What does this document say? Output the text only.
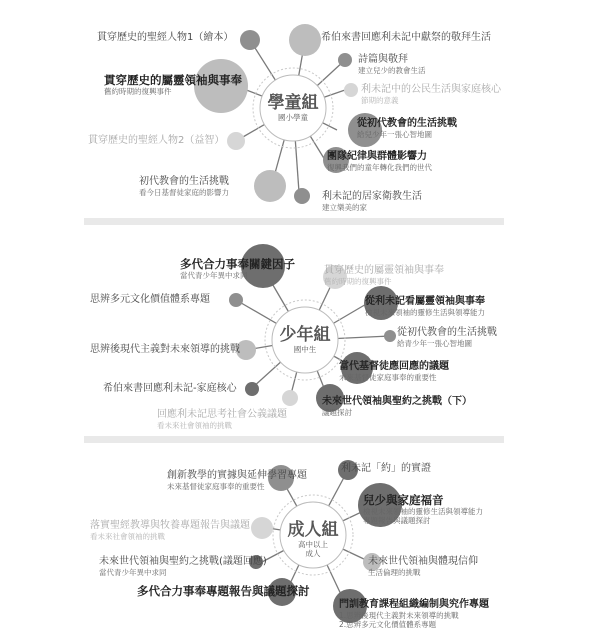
學童組
國小學童
貫穿歷史的聖經人物1（繪本）	希伯來書回應利未記中獻祭的敬拜生活
貫穿歷史的屬靈領袖與事奉
舊約時期的復興事件
詩篇與敬拜
建立兒少的教會生活
利未記中的公民生活與家庭核心
節期的意義
貫穿歷史的聖經人物2（益智）
從初代教會的生活挑戰
給兒少年一張心智地圖
團隊紀律與群體影響力
復興我們的童年轉化我們的世代
初代教會的生活挑戰
看今日基督徒家庭的影響力	利未記的居家衛教生活
建立樂美的家
少年組
國中生
多代合力事奉關鍵因子
當代青少年異中求同	貫穿歷史的屬靈領袖與事奉
舊約時期的復興事件
思辨多元文化價值體系專題	從利未記看屬靈領袖與事奉
檢視未來領袖的靈修生活與領導能力
從初代教會的生活挑戰
給青少年一張心智地圖
思辨後現代主義對未來領導的挑戰
當代基督徒應回應的議題
未來基督徒家庭事奉的重要性
希伯來書回應利未記-家庭核心
未來世代領袖與聖約之挑戰（下）
議題探討
回應利未記思考社會公義議題
看未來社會領袖的挑戰
成人組
高中以上
成人
創新教學的實據與延伸學習專題
未來基督徒家庭事奉的重要性
利未記「約」的實證
兒少與家庭福音
檢視未來領袖的靈修生活與領導能力
專題報告與議題探討
落實聖經教導與牧養專題報告與議題
看未來社會領袖的挑戰
未來世代領袖與聖約之挑戰(議題回應)
當代青少年異中求同
未來世代領袖與體現信仰
生活倫理的挑戰
多代合力事奉專題報告與議題探討
門訓教育課程組織編制與究作專題
1.思辨後現代主義對未來領導的挑戰
2.思辨多元文化價值體系專題
